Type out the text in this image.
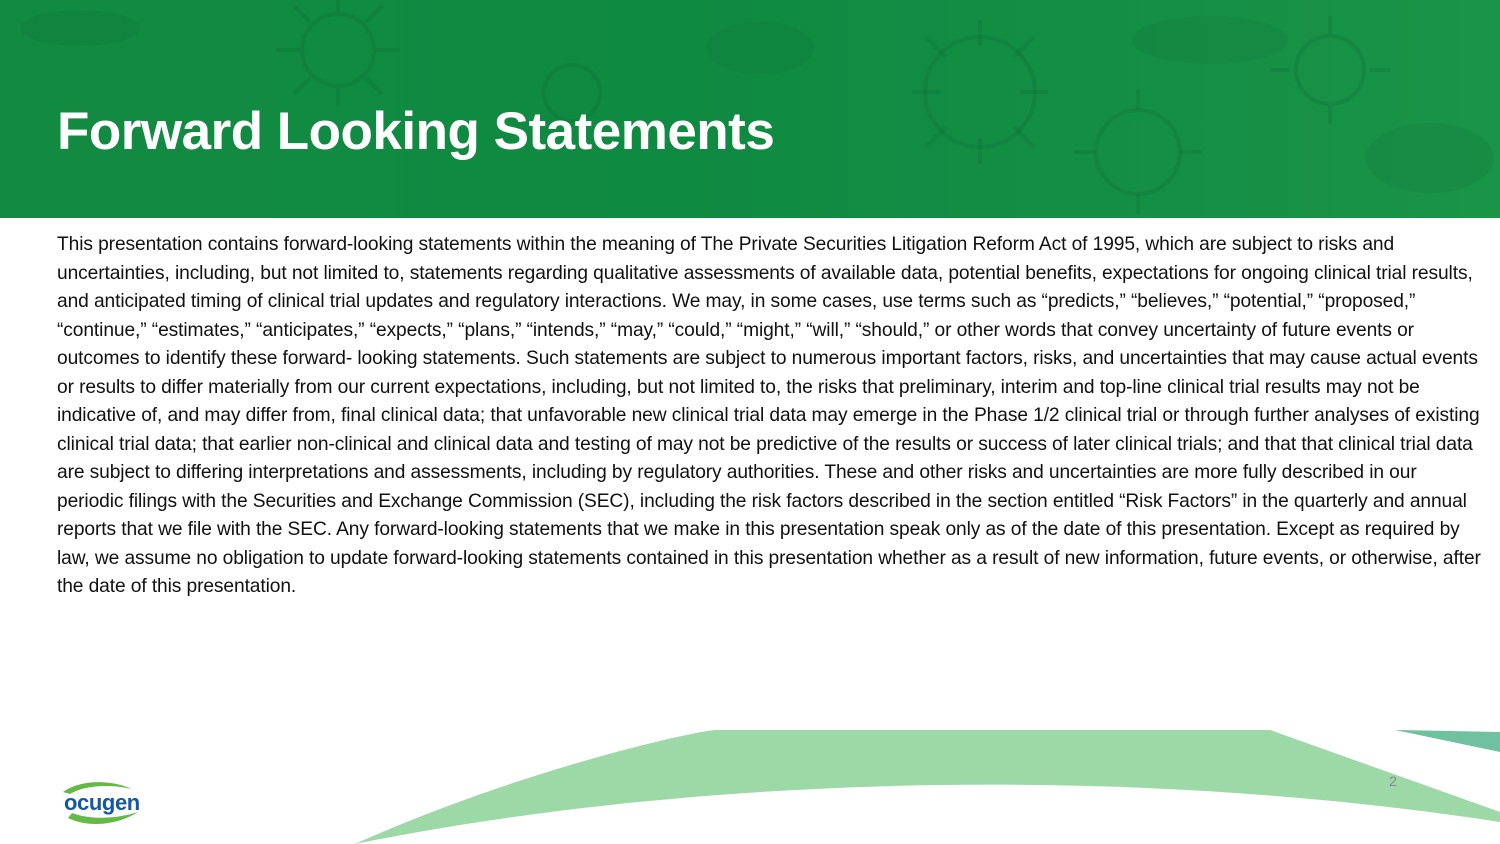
Forward Looking Statements

This presentation contains forward-looking statements within the meaning of The Private Securities Litigation Reform Act of 1995, which are subject to risks and uncertainties, including, but not limited to, statements regarding qualitative assessments of available data, potential benefits, expectations for ongoing clinical trial results, and anticipated timing of clinical trial updates and regulatory interactions. We may, in some cases, use terms such as “predicts,” “believes,” “potential,” “proposed,” “continue,” “estimates,” “anticipates,” “expects,” “plans,” “intends,” “may,” “could,” “might,” “will,” “should,” or other words that convey uncertainty of future events or outcomes to identify these forward- looking statements. Such statements are subject to numerous important factors, risks, and uncertainties that may cause actual events or results to differ materially from our current expectations, including, but not limited to, the risks that preliminary, interim and top-line clinical trial results may not be indicative of, and may differ from, final clinical data; that unfavorable new clinical trial data may emerge in the Phase 1/2 clinical trial or through further analyses of existing clinical trial data; that earlier non-clinical and clinical data and testing of may not be predictive of the results or success of later clinical trials; and that that clinical trial data are subject to differing interpretations and assessments, including by regulatory authorities. These and other risks and uncertainties are more fully described in our periodic filings with the Securities and Exchange Commission (SEC), including the risk factors described in the section entitled “Risk Factors” in the quarterly and annual reports that we file with the SEC. Any forward-looking statements that we make in this presentation speak only as of the date of this presentation. Except as required by law, we assume no obligation to update forward-looking statements contained in this presentation whether as a result of new information, future events, or otherwise, after the date of this presentation.

2
ocugen
